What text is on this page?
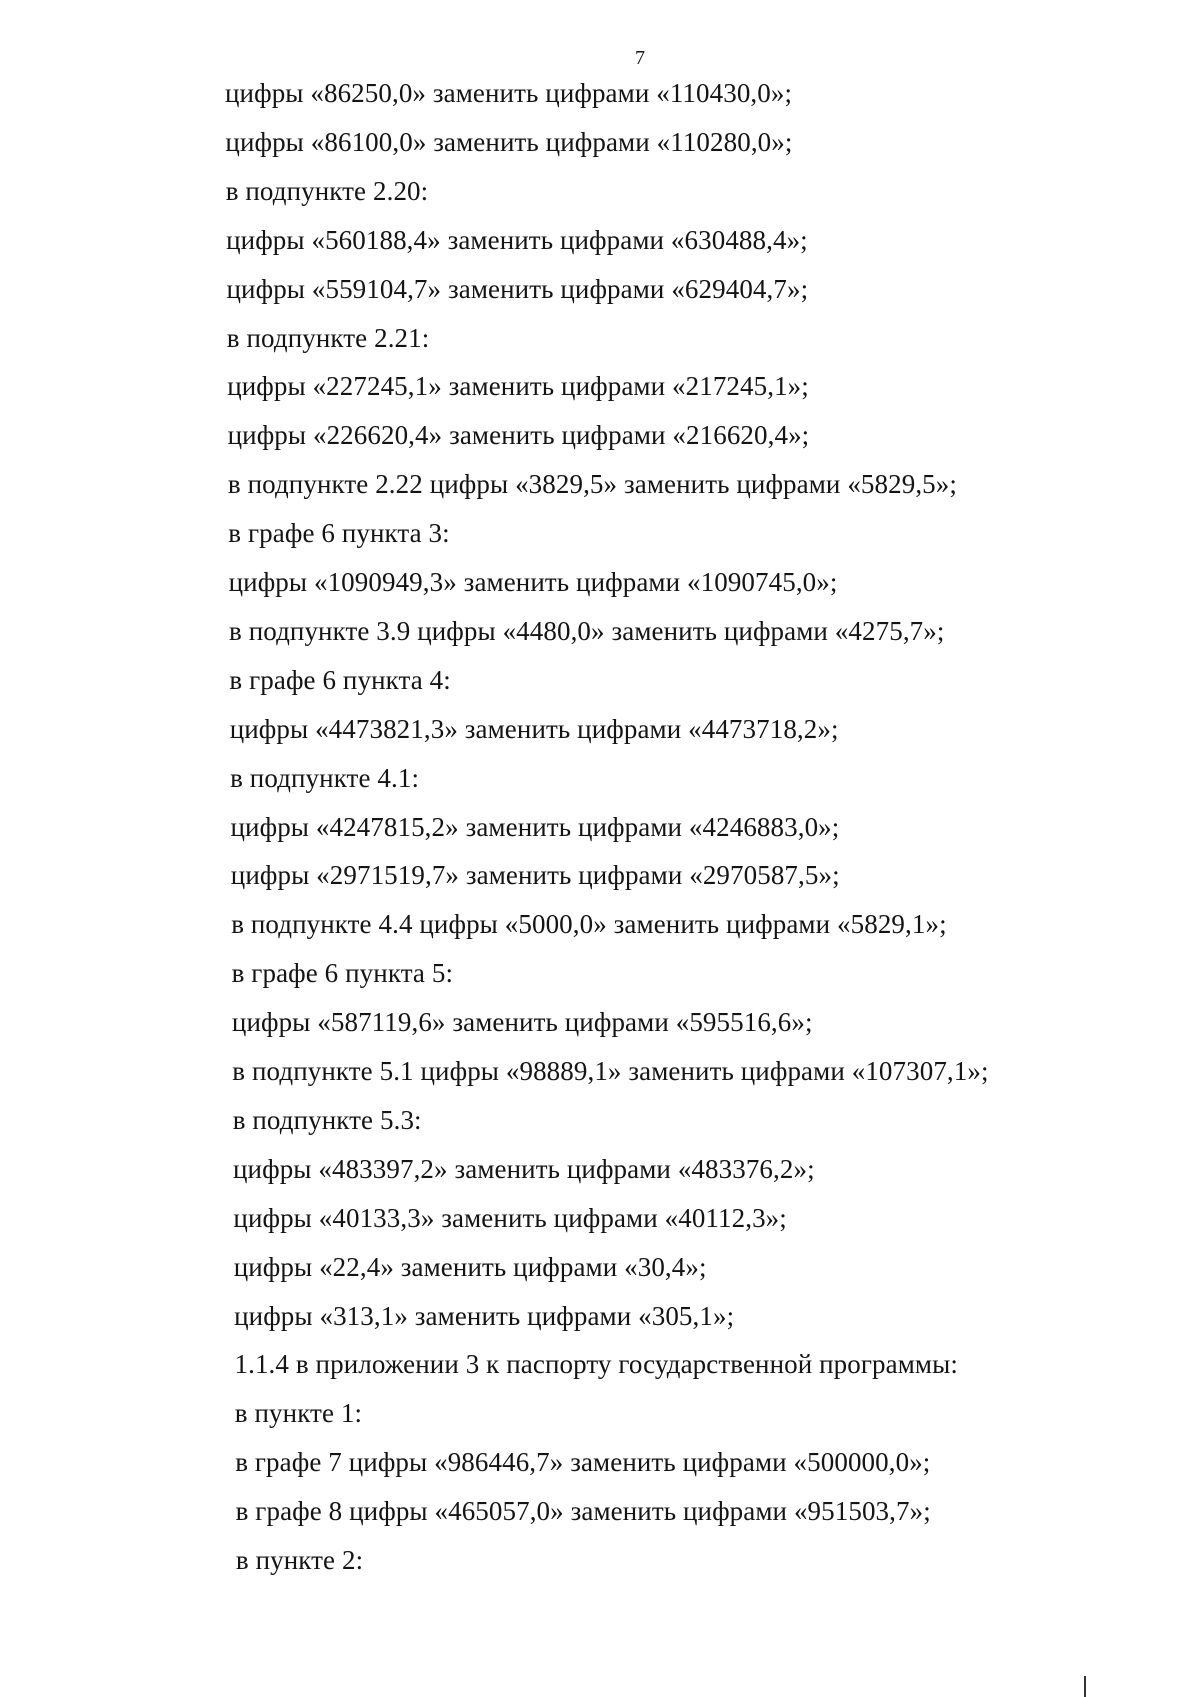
7
цифры «86250,0» заменить цифрами «110430,0»;
цифры «86100,0» заменить цифрами «110280,0»;
в подпункте 2.20:
цифры «560188,4» заменить цифрами «630488,4»;
цифры «559104,7» заменить цифрами «629404,7»;
в подпункте 2.21:
цифры «227245,1» заменить цифрами «217245,1»;
цифры «226620,4» заменить цифрами «216620,4»;
в подпункте 2.22 цифры «3829,5» заменить цифрами «5829,5»;
в графе 6 пункта 3:
цифры «1090949,3» заменить цифрами «1090745,0»;
в подпункте 3.9 цифры «4480,0» заменить цифрами «4275,7»;
в графе 6 пункта 4:
цифры «4473821,3» заменить цифрами «4473718,2»;
в подпункте 4.1:
цифры «4247815,2» заменить цифрами «4246883,0»;
цифры «2971519,7» заменить цифрами «2970587,5»;
в подпункте 4.4 цифры «5000,0» заменить цифрами «5829,1»;
в графе 6 пункта 5:
цифры «587119,6» заменить цифрами «595516,6»;
в подпункте 5.1 цифры «98889,1» заменить цифрами «107307,1»;
в подпункте 5.3:
цифры «483397,2» заменить цифрами «483376,2»;
цифры «40133,3» заменить цифрами «40112,3»;
цифры «22,4» заменить цифрами «30,4»;
цифры «313,1» заменить цифрами «305,1»;
1.1.4 в приложении 3 к паспорту государственной программы:
в пункте 1:
в графе 7 цифры «986446,7» заменить цифрами «500000,0»;
в графе 8 цифры «465057,0» заменить цифрами «951503,7»;
в пункте 2:
